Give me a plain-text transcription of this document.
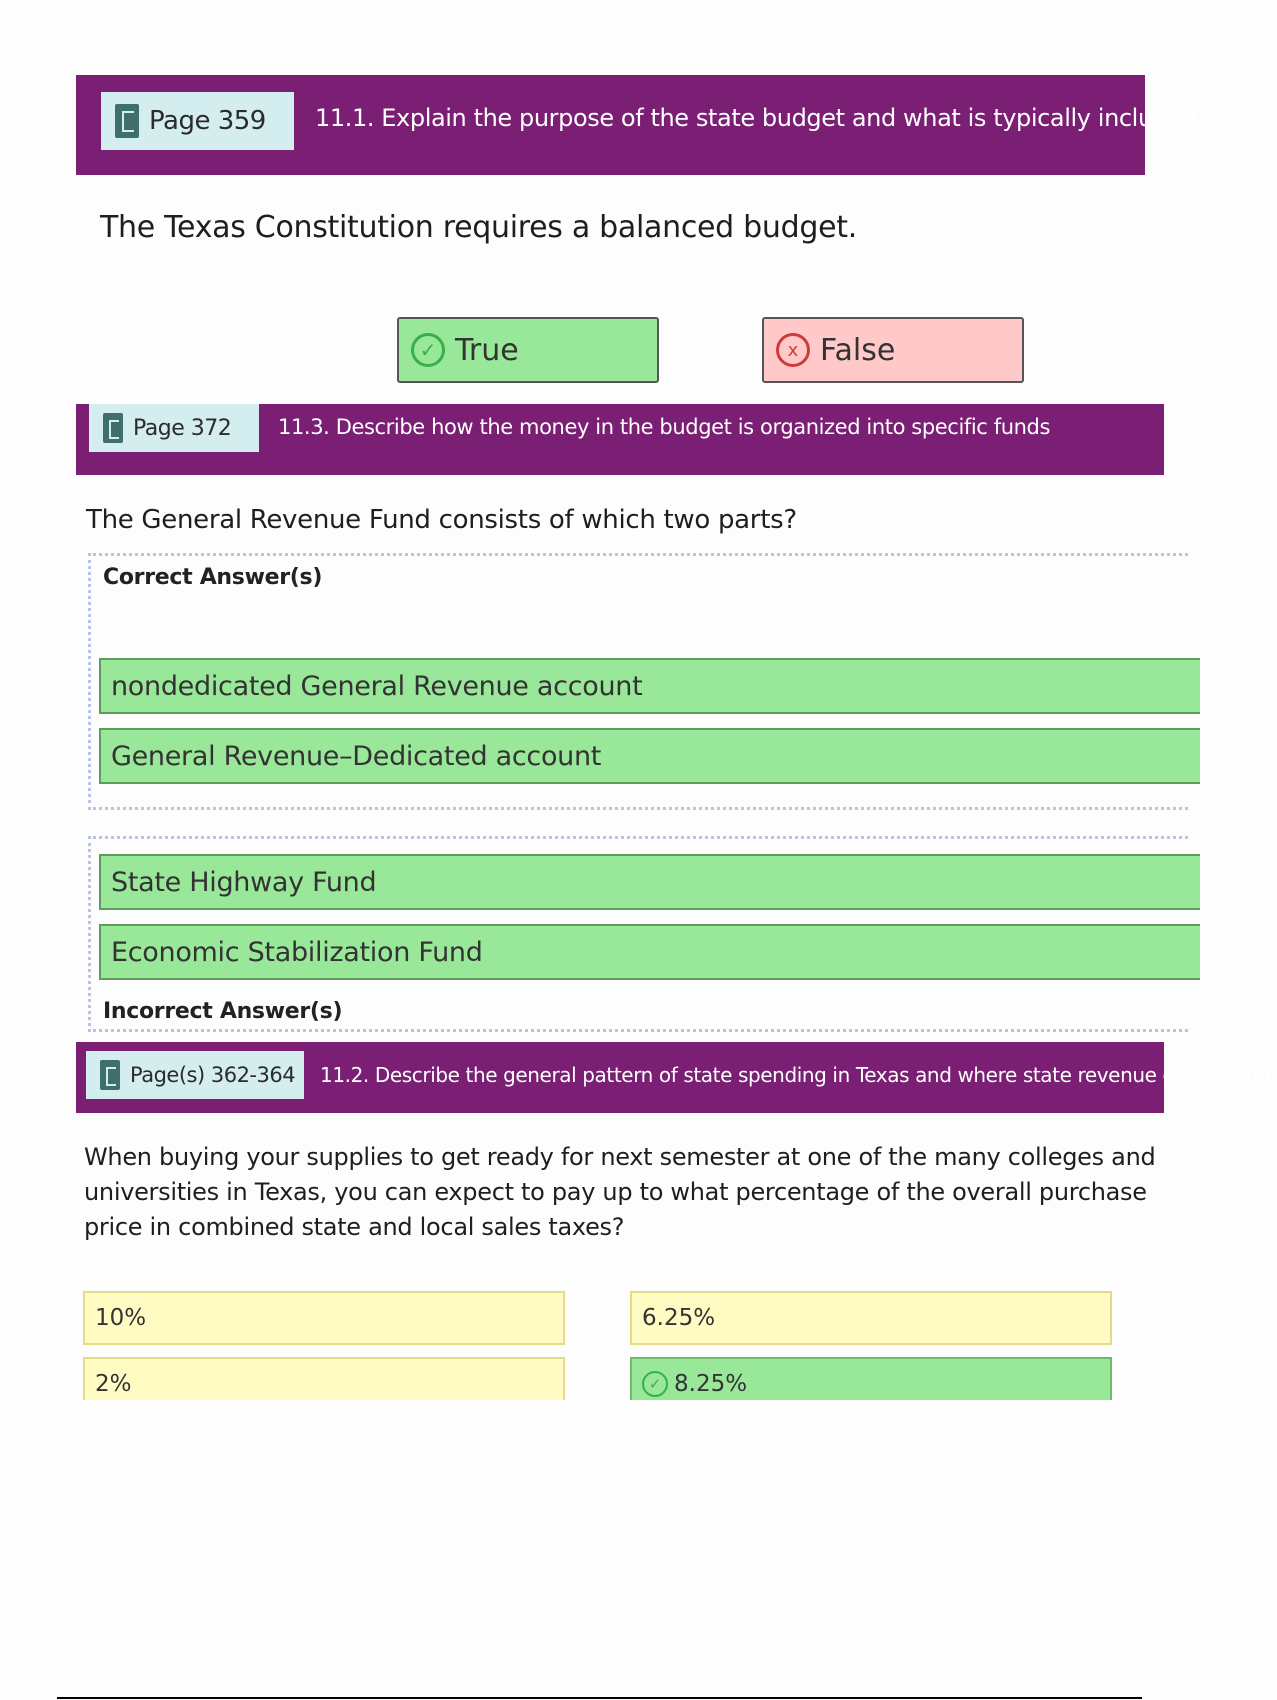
Page 359 11.1. Explain the purpose of the state budget and what is typically included
The Texas Constitution requires a balanced budget.
✓ True	x False
Page 372 11.3. Describe how the money in the budget is organized into specific funds
The General Revenue Fund consists of which two parts?
Correct Answer(s)
nondedicated General Revenue account
General Revenue–Dedicated account
State Highway Fund
Economic Stabilization Fund
Incorrect Answer(s)
Page(s) 362-364 11.2. Describe the general pattern of state spending in Texas and where state revenue comes from
When buying your supplies to get ready for next semester at one of the many colleges and
universities in Texas, you can expect to pay up to what percentage of the overall purchase
price in combined state and local sales taxes?
10%	6.25%
2%	✓ 8.25%
